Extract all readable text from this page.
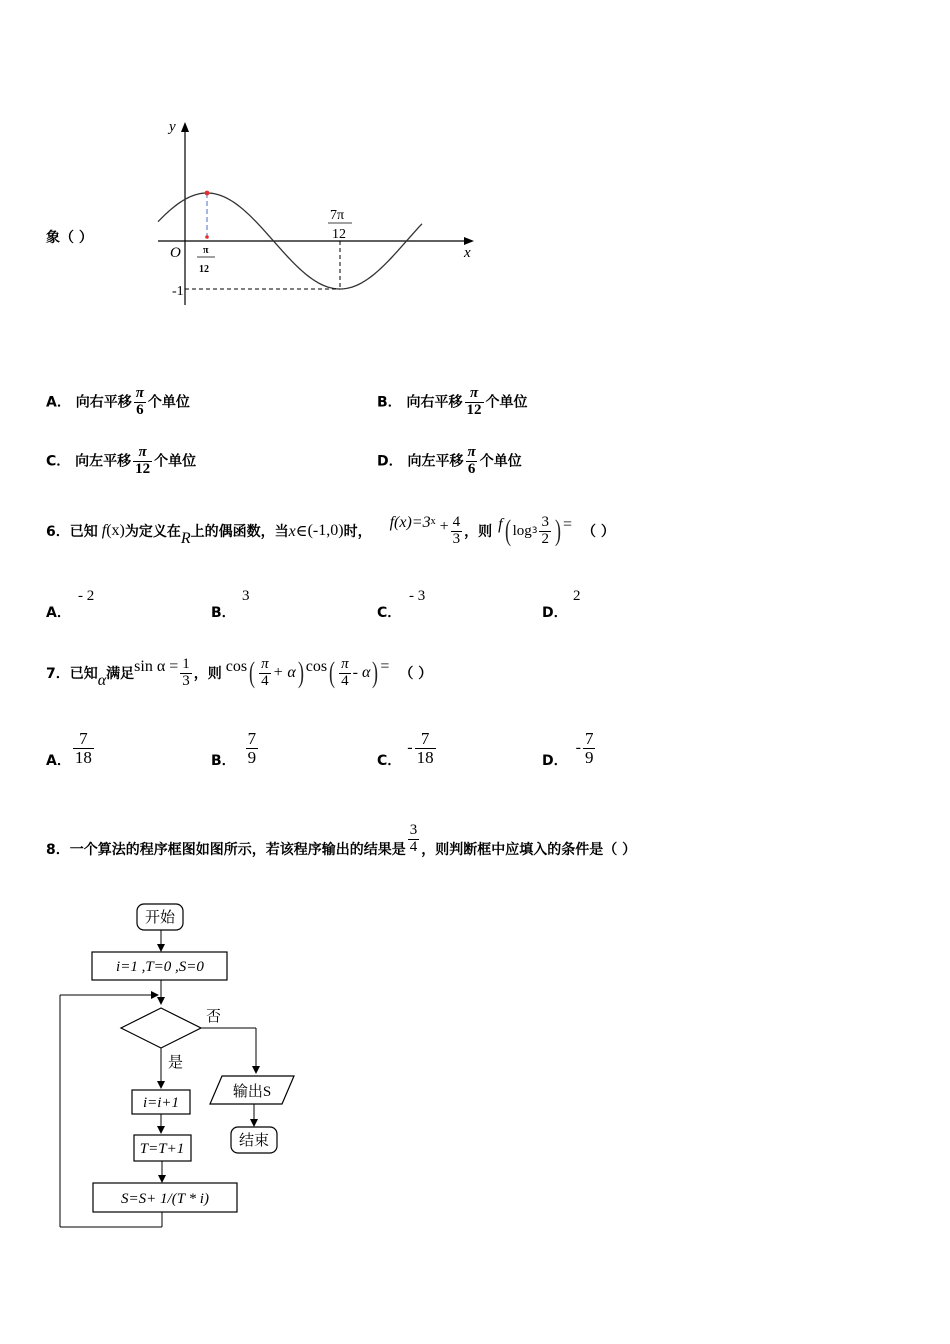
象（ ）
y
x
O π
12
7π
12
-1
A． 向右平移 $\frac{\pi}{6}$ 个单位	B． 向右平移 $\frac{\pi}{12}$ 个单位
C． 向左平移 $\frac{\pi}{12}$ 个单位	D． 向左平移 $\frac{\pi}{6}$ 个单位
6．已知 f (x) 为定义在 R 上的偶函数，当 x∈ (-1,0) 时，
$f(x)=3^x + \frac{4}{3}$ ，则 f ( $\log 3 \frac{3}{2}$ ) = （ ）
A．
- 2
B．
3
C．
- 3
D．
2
7．已知 α 满足 $\sin \alpha = \frac{1}{3}$ ，则 cos ( $\frac{\pi}{4} + \alpha$ ) cos ( $\frac{\pi}{4}$ - α ) = （ ）
A． $\frac{7}{18}$	B． $\frac{7}{9}$	C．
- $\frac{7}{18}$	D．
- $\frac{7}{9}$
8．一个算法的程序框图如图所示，若该程序输出的结果是 $\frac{3}{4}$ ，则判断框中应填入的条件是（ ）
开始
i=1 ,T=0 ,S=0
否
是
输出S
结束
i=i+1
T=T+1
S=S+ 1/(T * i)
